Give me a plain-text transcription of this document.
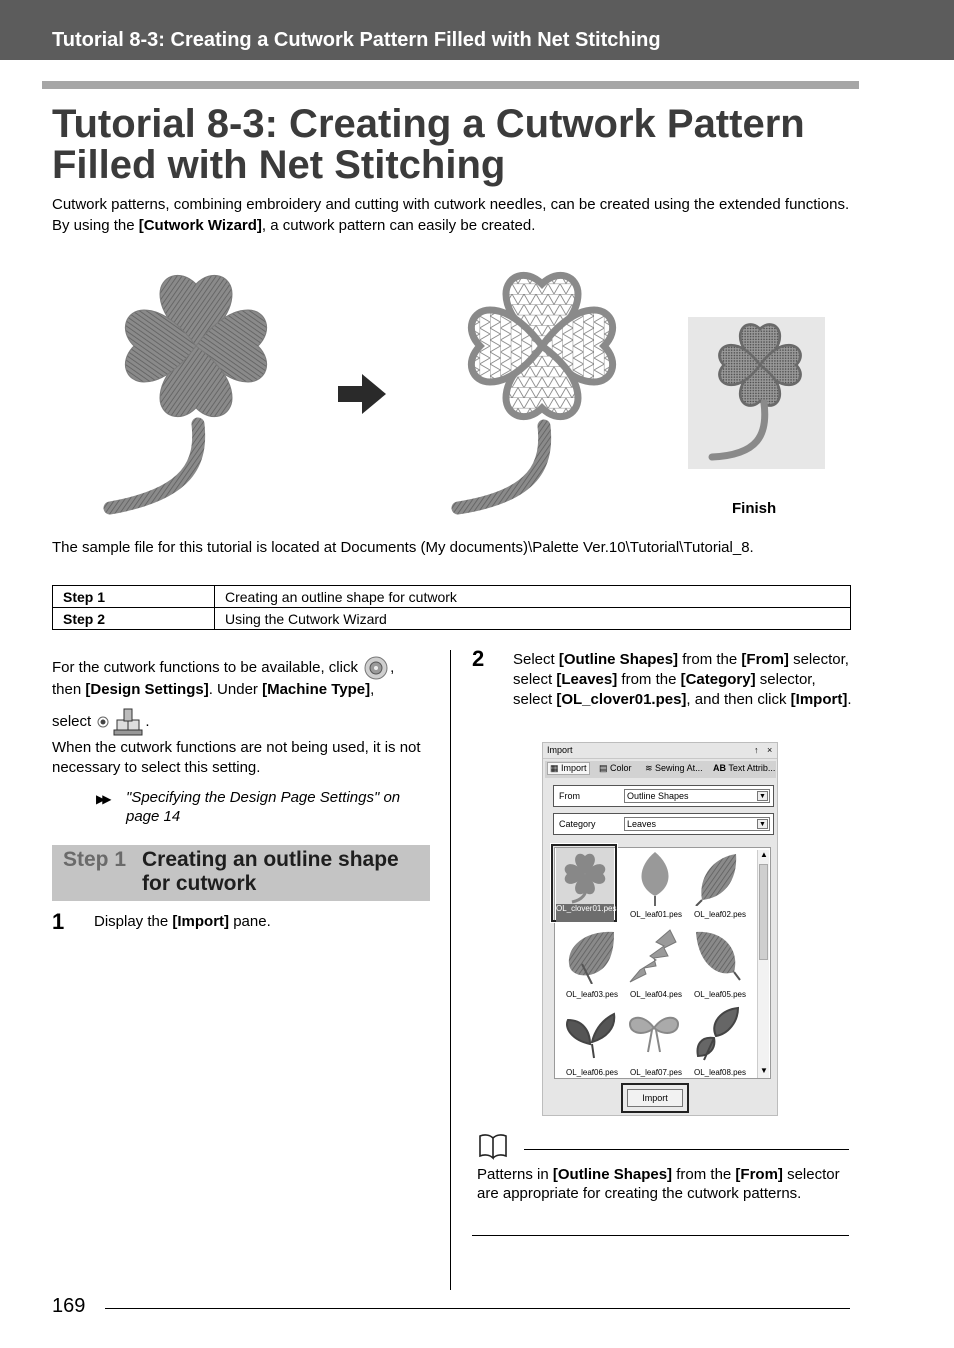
Tutorial 8-3: Creating a Cutwork Pattern Filled with Net Stitching
Tutorial 8-3: Creating a Cutwork Pattern
Filled with Net Stitching
Cutwork patterns, combining embroidery and cutting with cutwork needles, can be created using the extended functions. By using the [Cutwork Wizard], a cutwork pattern can easily be created.
Finish
The sample file for this tutorial is located at Documents (My documents)\Palette Ver.10\Tutorial\Tutorial_8.
Step 1	Creating an outline shape for cutwork
Step 2	Using the Cutwork Wizard
For the cutwork functions to be available, click ,
then [Design Settings]. Under [Machine Type],
select	.
When the cutwork functions are not being used, it is not necessary to select this setting.
▶▶ "Specifying the Design Page Settings" on page 14
Step 1 Creating an outline shape for cutwork
1 Display the [Import] pane.
2 Select [Outline Shapes] from the [From] selector, select [Leaves] from the [Category] selector, select [OL_clover01.pes], and then click [Import].
Import	↑ ×
▦ Import	▤ Color ≋ Sewing At... AB Text Attrib...
From	Outline Shapes	▼
Category	Leaves	▼
OL_clover01.pes
OL_leaf01.pes	OL_leaf02.pes
OL_leaf03.pes	OL_leaf04.pes	OL_leaf05.pes
OL_leaf06.pes	OL_leaf07.pes	OL_leaf08.pes
▲
▼
Import
Patterns in [Outline Shapes] from the [From] selector are appropriate for creating the cutwork patterns.
169
